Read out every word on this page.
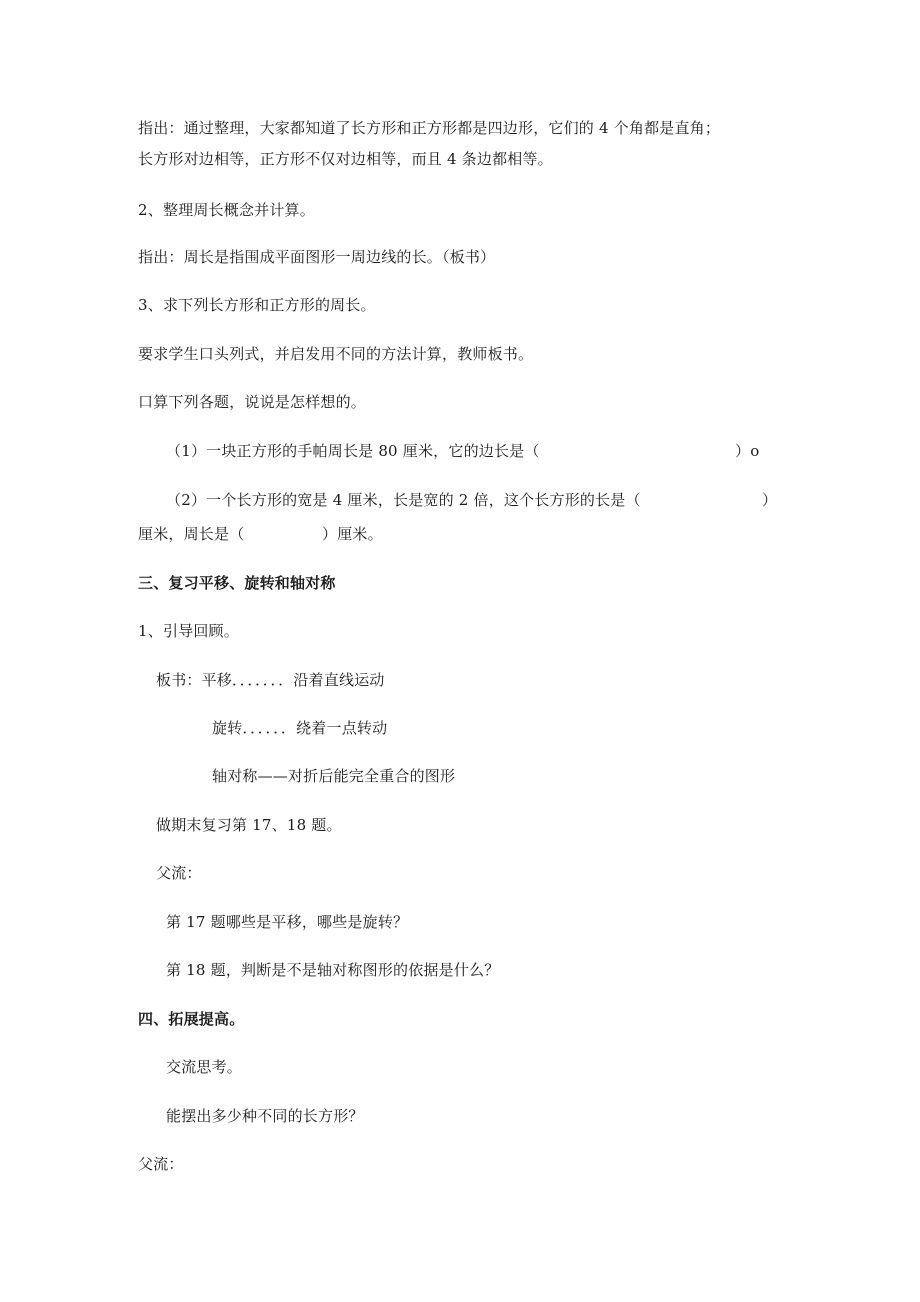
指出：通过整理，大家都知道了长方形和正方形都是四边形，它们的 4 个角都是直角；
长方形对边相等，正方形不仅对边相等，而且 4 条边都相等。
2、整理周长概念并计算。
指出：周长是指围成平面图形一周边线的长。（板书）
3、求下列长方形和正方形的周长。
要求学生口头列式，并启发用不同的方法计算，教师板书。
口算下列各题，说说是怎样想的。
（1）一块正方形的手帕周长是 80 厘米，它的边长是（	）o
（2）一个长方形的宽是 4 厘米，长是宽的 2 倍，这个长方形的长是（	）
厘米，周长是（	）厘米。
三、复习平移、旋转和轴对称
1、引导回顾。
板书：平移．．．．．．．沿着直线运动
旋转．．．．．．绕着一点转动
轴对称——对折后能完全重合的图形
做期末复习第 17、18 题。
父流：
第 17 题哪些是平移，哪些是旋转？
第 18 题，判断是不是轴对称图形的依据是什么？
四、拓展提高。
交流思考。
能摆出多少种不同的长方形？
父流：
